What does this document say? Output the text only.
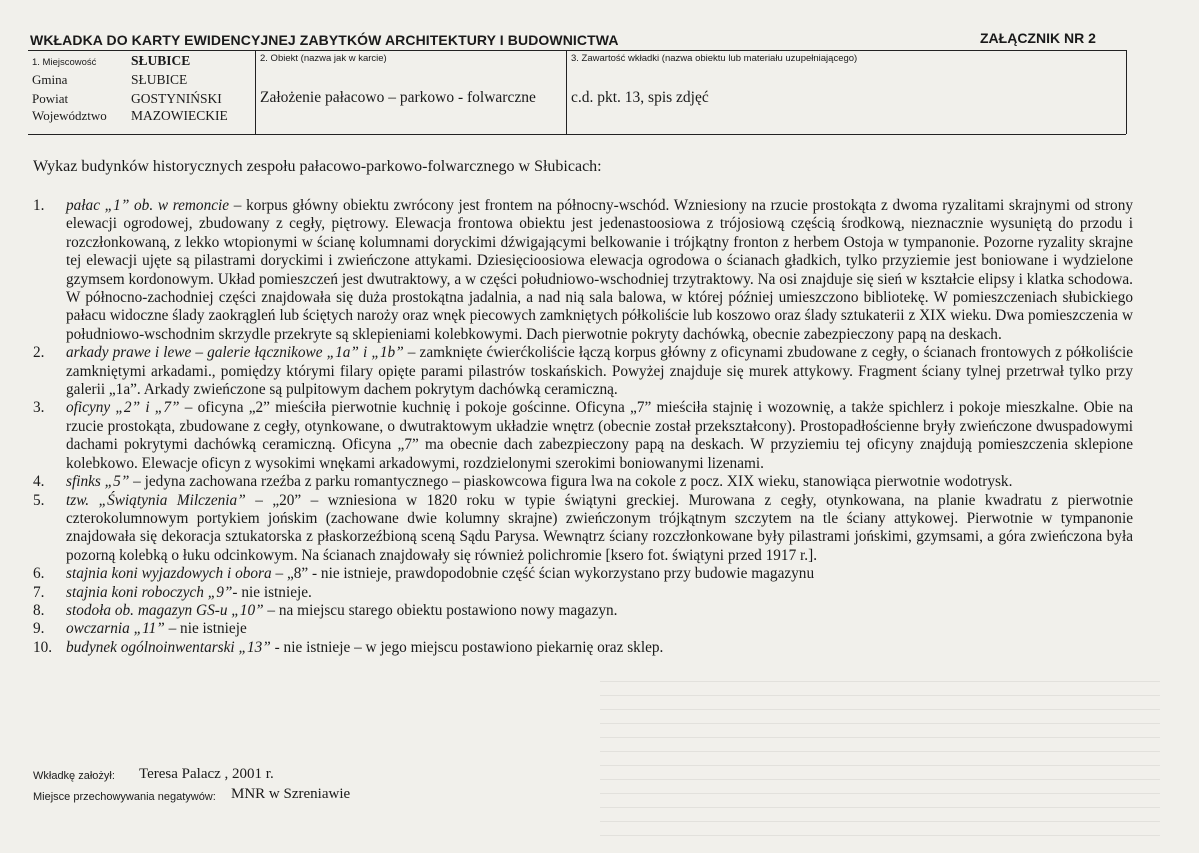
WKŁADKA DO KARTY EWIDENCYJNEJ ZABYTKÓW ARCHITEKTURY I BUDOWNICTWA	ZAŁĄCZNIK NR 2
1. Miejscowość	SŁUBICE
Gmina	SŁUBICE
Powiat	GOSTYNIŃSKI
Województwo MAZOWIECKIE
2. Obiekt (nazwa jak w karcie)
Założenie pałacowo – parkowo - folwarczne
3. Zawartość wkładki (nazwa obiektu lub materiału uzupełniającego)
c.d. pkt. 13, spis zdjęć
Wykaz budynków historycznych zespołu pałacowo-parkowo-folwarcznego w Słubicach:
1.	pałac „1” ob. w remoncie – korpus główny obiektu zwrócony jest frontem na północny-wschód. Wzniesiony na rzucie prostokąta z dwoma ryzalitami skrajnymi od strony elewacji ogrodowej, zbudowany z cegły, piętrowy. Elewacja frontowa obiektu jest jedenastoosiowa z trójosiową częścią środkową, nieznacznie wysuniętą do przodu i rozczłonkowaną, z lekko wtopionymi w ścianę kolumnami doryckimi dźwigającymi belkowanie i trójkątny fronton z herbem Ostoja w tympanonie. Pozorne ryzality skrajne tej elewacji ujęte są pilastrami doryckimi i zwieńczone attykami. Dziesięcioosiowa elewacja ogrodowa o ścianach gładkich, tylko przyziemie jest boniowane i wydzielone gzymsem kordonowym. Układ pomieszczeń jest dwutraktowy, a w części południowo-wschodniej trzytraktowy. Na osi znajduje się sień w kształcie elipsy i klatka schodowa. W północno-zachodniej części znajdowała się duża prostokątna jadalnia, a nad nią sala balowa, w której później umieszczono bibliotekę. W pomieszczeniach słubickiego pałacu widoczne ślady zaokrągleń lub ściętych naroży oraz wnęk piecowych zamkniętych półkoliście lub koszowo oraz ślady sztukaterii z XIX wieku. Dwa pomieszczenia w południowo-wschodnim skrzydle przekryte są sklepieniami kolebkowymi. Dach pierwotnie pokryty dachówką, obecnie zabezpieczony papą na deskach.
2.	arkady prawe i lewe – galerie łącznikowe „1a” i „1b” – zamknięte ćwierćkoliście łączą korpus główny z oficynami zbudowane z cegły, o ścianach frontowych z półkoliście zamkniętymi arkadami., pomiędzy którymi filary opięte parami pilastrów toskańskich. Powyżej znajduje się murek attykowy. Fragment ściany tylnej przetrwał tylko przy galerii „1a”. Arkady zwieńczone są pulpitowym dachem pokrytym dachówką ceramiczną.
3.	oficyny „2” i „7” – oficyna „2” mieściła pierwotnie kuchnię i pokoje gościnne. Oficyna „7” mieściła stajnię i wozownię, a także spichlerz i pokoje mieszkalne. Obie na rzucie prostokąta, zbudowane z cegły, otynkowane, o dwutraktowym układzie wnętrz (obecnie został przekształcony). Prostopadłościenne bryły zwieńczone dwuspadowymi dachami pokrytymi dachówką ceramiczną. Oficyna „7” ma obecnie dach zabezpieczony papą na deskach. W przyziemiu tej oficyny znajdują pomieszczenia sklepione kolebkowo. Elewacje oficyn z wysokimi wnękami arkadowymi, rozdzielonymi szerokimi boniowanymi lizenami.
4.	sfinks „5” – jedyna zachowana rzeźba z parku romantycznego – piaskowcowa figura lwa na cokole z pocz. XIX wieku, stanowiąca pierwotnie wodotrysk.
5.	tzw. „Świątynia Milczenia” – „20” – wzniesiona w 1820 roku w typie świątyni greckiej. Murowana z cegły, otynkowana, na planie kwadratu z pierwotnie czterokolumnowym portykiem jońskim (zachowane dwie kolumny skrajne) zwieńczonym trójkątnym szczytem na tle ściany attykowej. Pierwotnie w tympanonie znajdowała się dekoracja sztukatorska z płaskorzeźbioną sceną Sądu Parysa. Wewnątrz ściany rozczłonkowane były pilastrami jońskimi, gzymsami, a góra zwieńczona była pozorną kolebką o łuku odcinkowym. Na ścianach znajdowały się również polichromie [ksero fot. świątyni przed 1917 r.].
6.	stajnia koni wyjazdowych i obora – „8” - nie istnieje, prawdopodobnie część ścian wykorzystano przy budowie magazynu
7.	stajnia koni roboczych „9”- nie istnieje.
8.	stodoła ob. magazyn GS-u „10” – na miejscu starego obiektu postawiono nowy magazyn.
9.	owczarnia „11” – nie istnieje
10. budynek ogólnoinwentarski „13” - nie istnieje – w jego miejscu postawiono piekarnię oraz sklep.
Wkładkę założył: Teresa Palacz , 2001 r.
Miejsce przechowywania negatywów: MNR w Szreniawie
